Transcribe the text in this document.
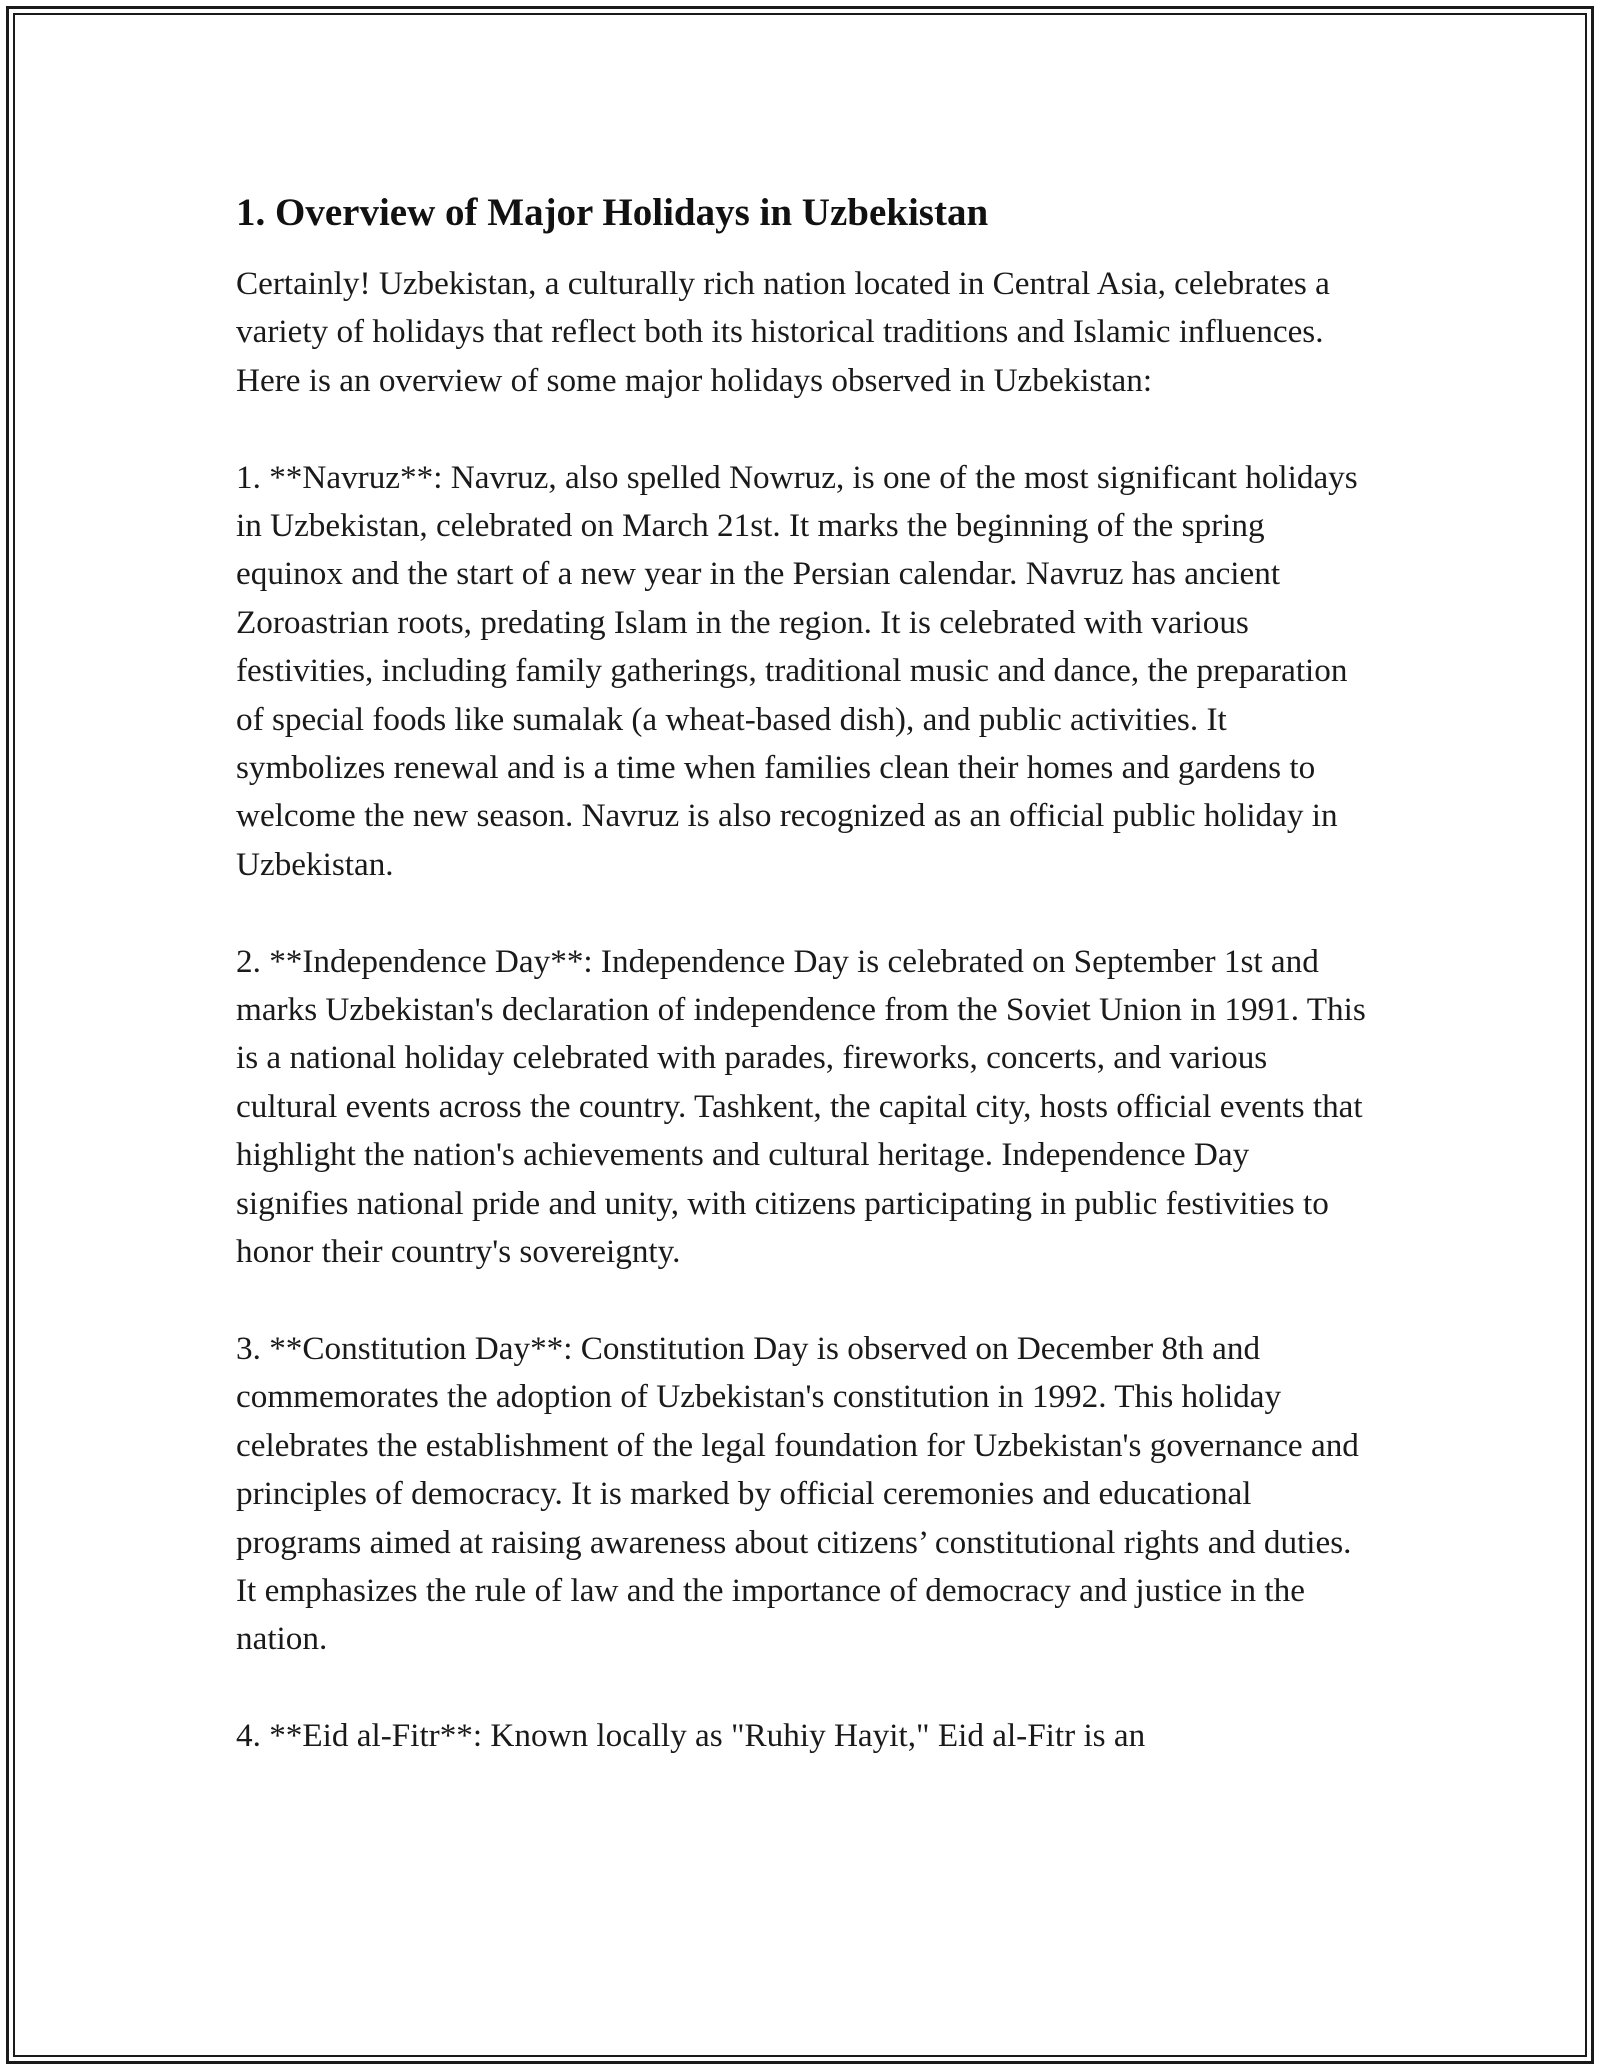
1. Overview of Major Holidays in Uzbekistan

Certainly! Uzbekistan, a culturally rich nation located in Central Asia, celebrates a variety of holidays that reflect both its historical traditions and Islamic influences. Here is an overview of some major holidays observed in Uzbekistan:

1. **Navruz**: Navruz, also spelled Nowruz, is one of the most significant holidays in Uzbekistan, celebrated on March 21st. It marks the beginning of the spring equinox and the start of a new year in the Persian calendar. Navruz has ancient Zoroastrian roots, predating Islam in the region. It is celebrated with various festivities, including family gatherings, traditional music and dance, the preparation of special foods like sumalak (a wheat-based dish), and public activities. It symbolizes renewal and is a time when families clean their homes and gardens to welcome the new season. Navruz is also recognized as an official public holiday in Uzbekistan.

2. **Independence Day**: Independence Day is celebrated on September 1st and marks Uzbekistan's declaration of independence from the Soviet Union in 1991. This is a national holiday celebrated with parades, fireworks, concerts, and various cultural events across the country. Tashkent, the capital city, hosts official events that highlight the nation's achievements and cultural heritage. Independence Day signifies national pride and unity, with citizens participating in public festivities to honor their country's sovereignty.

3. **Constitution Day**: Constitution Day is observed on December 8th and commemorates the adoption of Uzbekistan's constitution in 1992. This holiday celebrates the establishment of the legal foundation for Uzbekistan's governance and principles of democracy. It is marked by official ceremonies and educational programs aimed at raising awareness about citizens’ constitutional rights and duties. It emphasizes the rule of law and the importance of democracy and justice in the nation.

4. **Eid al-Fitr**: Known locally as "Ruhiy Hayit," Eid al-Fitr is an
